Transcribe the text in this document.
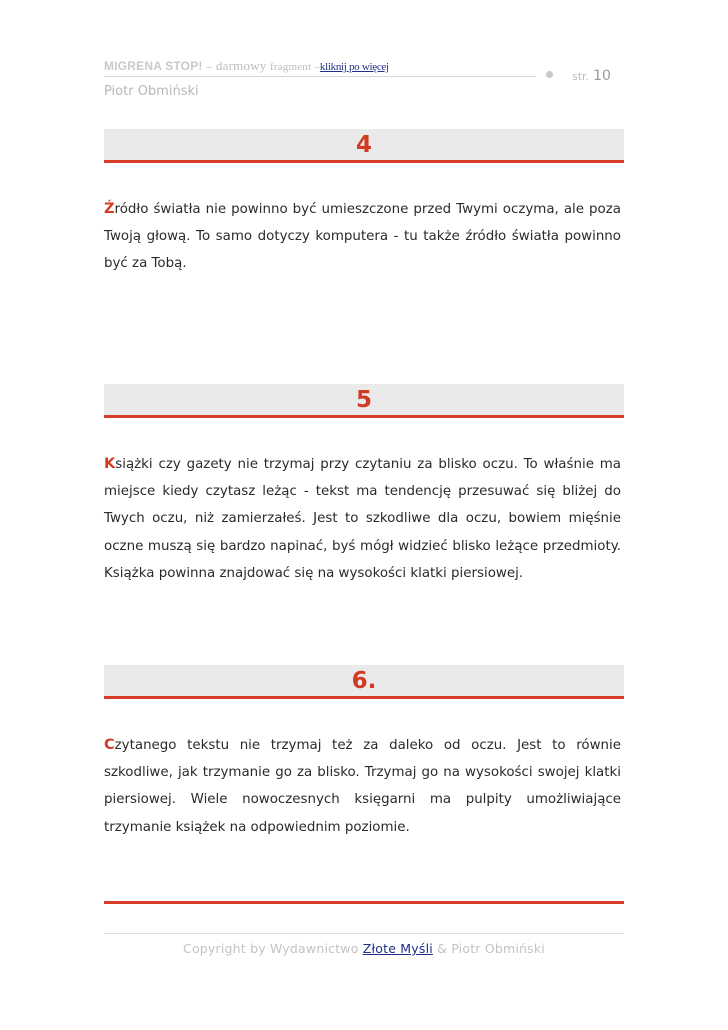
MIGRENA STOP! – darmowy fragment –kliknij po więcej
str. 10
Piotr Obmiński
4

Źródło światła nie powinno być umieszczone przed Twymi oczyma, ale poza Twoją głową. To samo dotyczy komputera - tu także źródło światła powinno być za Tobą.

5

Książki czy gazety nie trzymaj przy czytaniu za blisko oczu. To właśnie ma miejsce kiedy czytasz leżąc - tekst ma tendencję przesuwać się bliżej do Twych oczu, niż zamierzałeś. Jest to szkodliwe dla oczu, bowiem mięśnie oczne muszą się bardzo napinać, byś mógł widzieć blisko leżące przedmioty. Książka powinna znajdować się na wysokości klatki piersiowej.

6.

Czytanego tekstu nie trzymaj też za daleko od oczu. Jest to równie szkodliwe, jak trzymanie go za blisko. Trzymaj go na wysokości swojej klatki piersiowej. Wiele nowoczesnych księgarni ma pulpity umożliwiające trzymanie książek na odpowiednim poziomie.

Copyright by Wydawnictwo Złote Myśli & Piotr Obmiński
